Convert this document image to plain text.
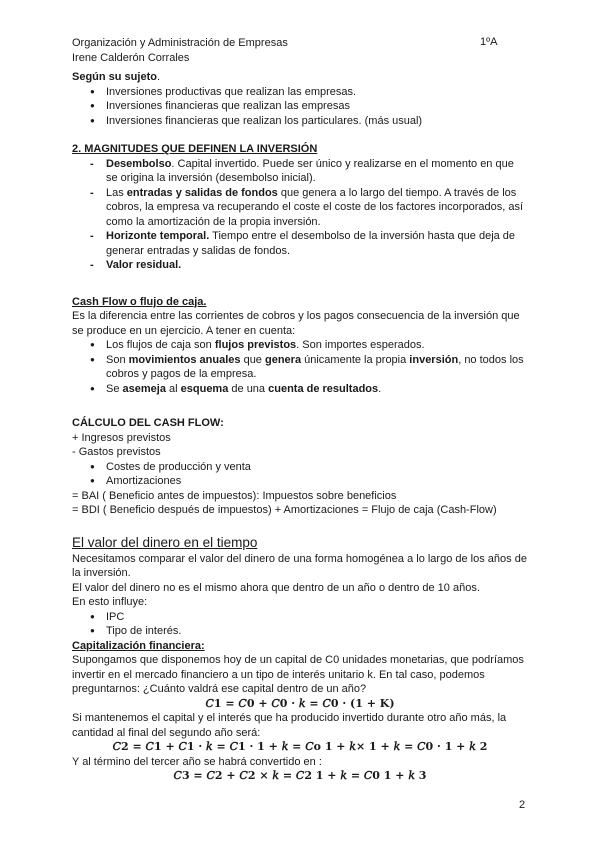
Organización y Administración de Empresas	1ºA
Irene Calderón Corrales

Según su sujeto.

● Inversiones productivas que realizan las empresas.
● Inversiones financieras que realizan las empresas
● Inversiones financieras que realizan los particulares. (más usual)

2. MAGNITUDES QUE DEFINEN LA INVERSIÓN

- Desembolso. Capital invertido. Puede ser único y realizarse en el momento en que se origina la inversión (desembolso inicial).
- Las entradas y salidas de fondos que genera a lo largo del tiempo. A través de los cobros, la empresa va recuperando el coste el coste de los factores incorporados, así como la amortización de la propia inversión.
- Horizonte temporal. Tiempo entre el desembolso de la inversión hasta que deja de generar entradas y salidas de fondos.
- Valor residual.

Cash Flow o flujo de caja.

Es la diferencia entre las corrientes de cobros y los pagos consecuencia de la inversión que se produce en un ejercicio. A tener en cuenta:

● Los flujos de caja son flujos previstos. Son importes esperados.
● Son movimientos anuales que genera únicamente la propia inversión, no todos los cobros y pagos de la empresa.
● Se asemeja al esquema de una cuenta de resultados.

CÁLCULO DEL CASH FLOW:

+ Ingresos previstos

- Gastos previstos

● Costes de producción y venta
● Amortizaciones

= BAI ( Beneficio antes de impuestos): Impuestos sobre beneficios

= BDI ( Beneficio después de impuestos) + Amortizaciones = Flujo de caja (Cash-Flow)

El valor del dinero en el tiempo

Necesitamos comparar el valor del dinero de una forma homogénea a lo largo de los años de la inversión.

El valor del dinero no es el mismo ahora que dentro de un año o dentro de 10 años.

En esto influye:

● IPC
● Tipo de interés.

Capitalización financiera:

Supongamos que disponemos hoy de un capital de C0 unidades monetarias, que podríamos invertir en el mercado financiero a un tipo de interés unitario k. En tal caso, podemos preguntarnos: ¿Cuánto valdrá ese capital dentro de un año?

𝐶1 = 𝐶0 + 𝐶0 · 𝑘 = 𝐶0 · (1 + K)

Si mantenemos el capital y el interés que ha producido invertido durante otro año más, la cantidad al final del segundo año será:

𝐶2 = 𝐶1 + 𝐶1 · 𝑘 = 𝐶1 · 1 + 𝑘 = 𝐶o 1 + 𝑘× 1 + 𝑘 = 𝐶0 · 1 + 𝑘 2

Y al término del tercer año se habrá convertido en :

𝐶3 = 𝐶2 + 𝐶2 × 𝑘 = 𝐶2 1 + 𝑘 = 𝐶0 1 + 𝑘 3

2
